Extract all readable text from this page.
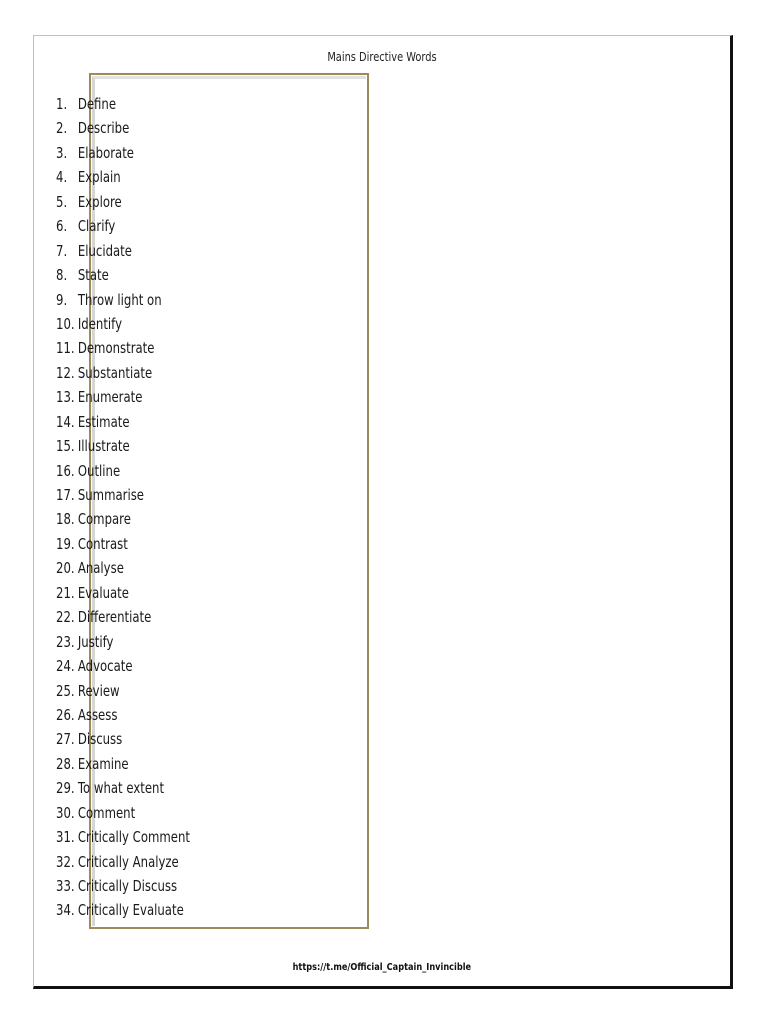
Mains Directive Words
1. Define
2. Describe
3. Elaborate
4. Explain
5. Explore
6. Clarify
7. Elucidate
8. State
9. Throw light on
10. Identify
11. Demonstrate
12. Substantiate
13. Enumerate
14. Estimate
15. Illustrate
16. Outline
17. Summarise
18. Compare
19. Contrast
20. Analyse
21. Evaluate
22. Differentiate
23. Justify
24. Advocate
25. Review
26. Assess
27. Discuss
28. Examine
29. To what extent
30. Comment
31. Critically Comment
32. Critically Analyze
33. Critically Discuss
34. Critically Evaluate
https://t.me/Official_Captain_Invincible
